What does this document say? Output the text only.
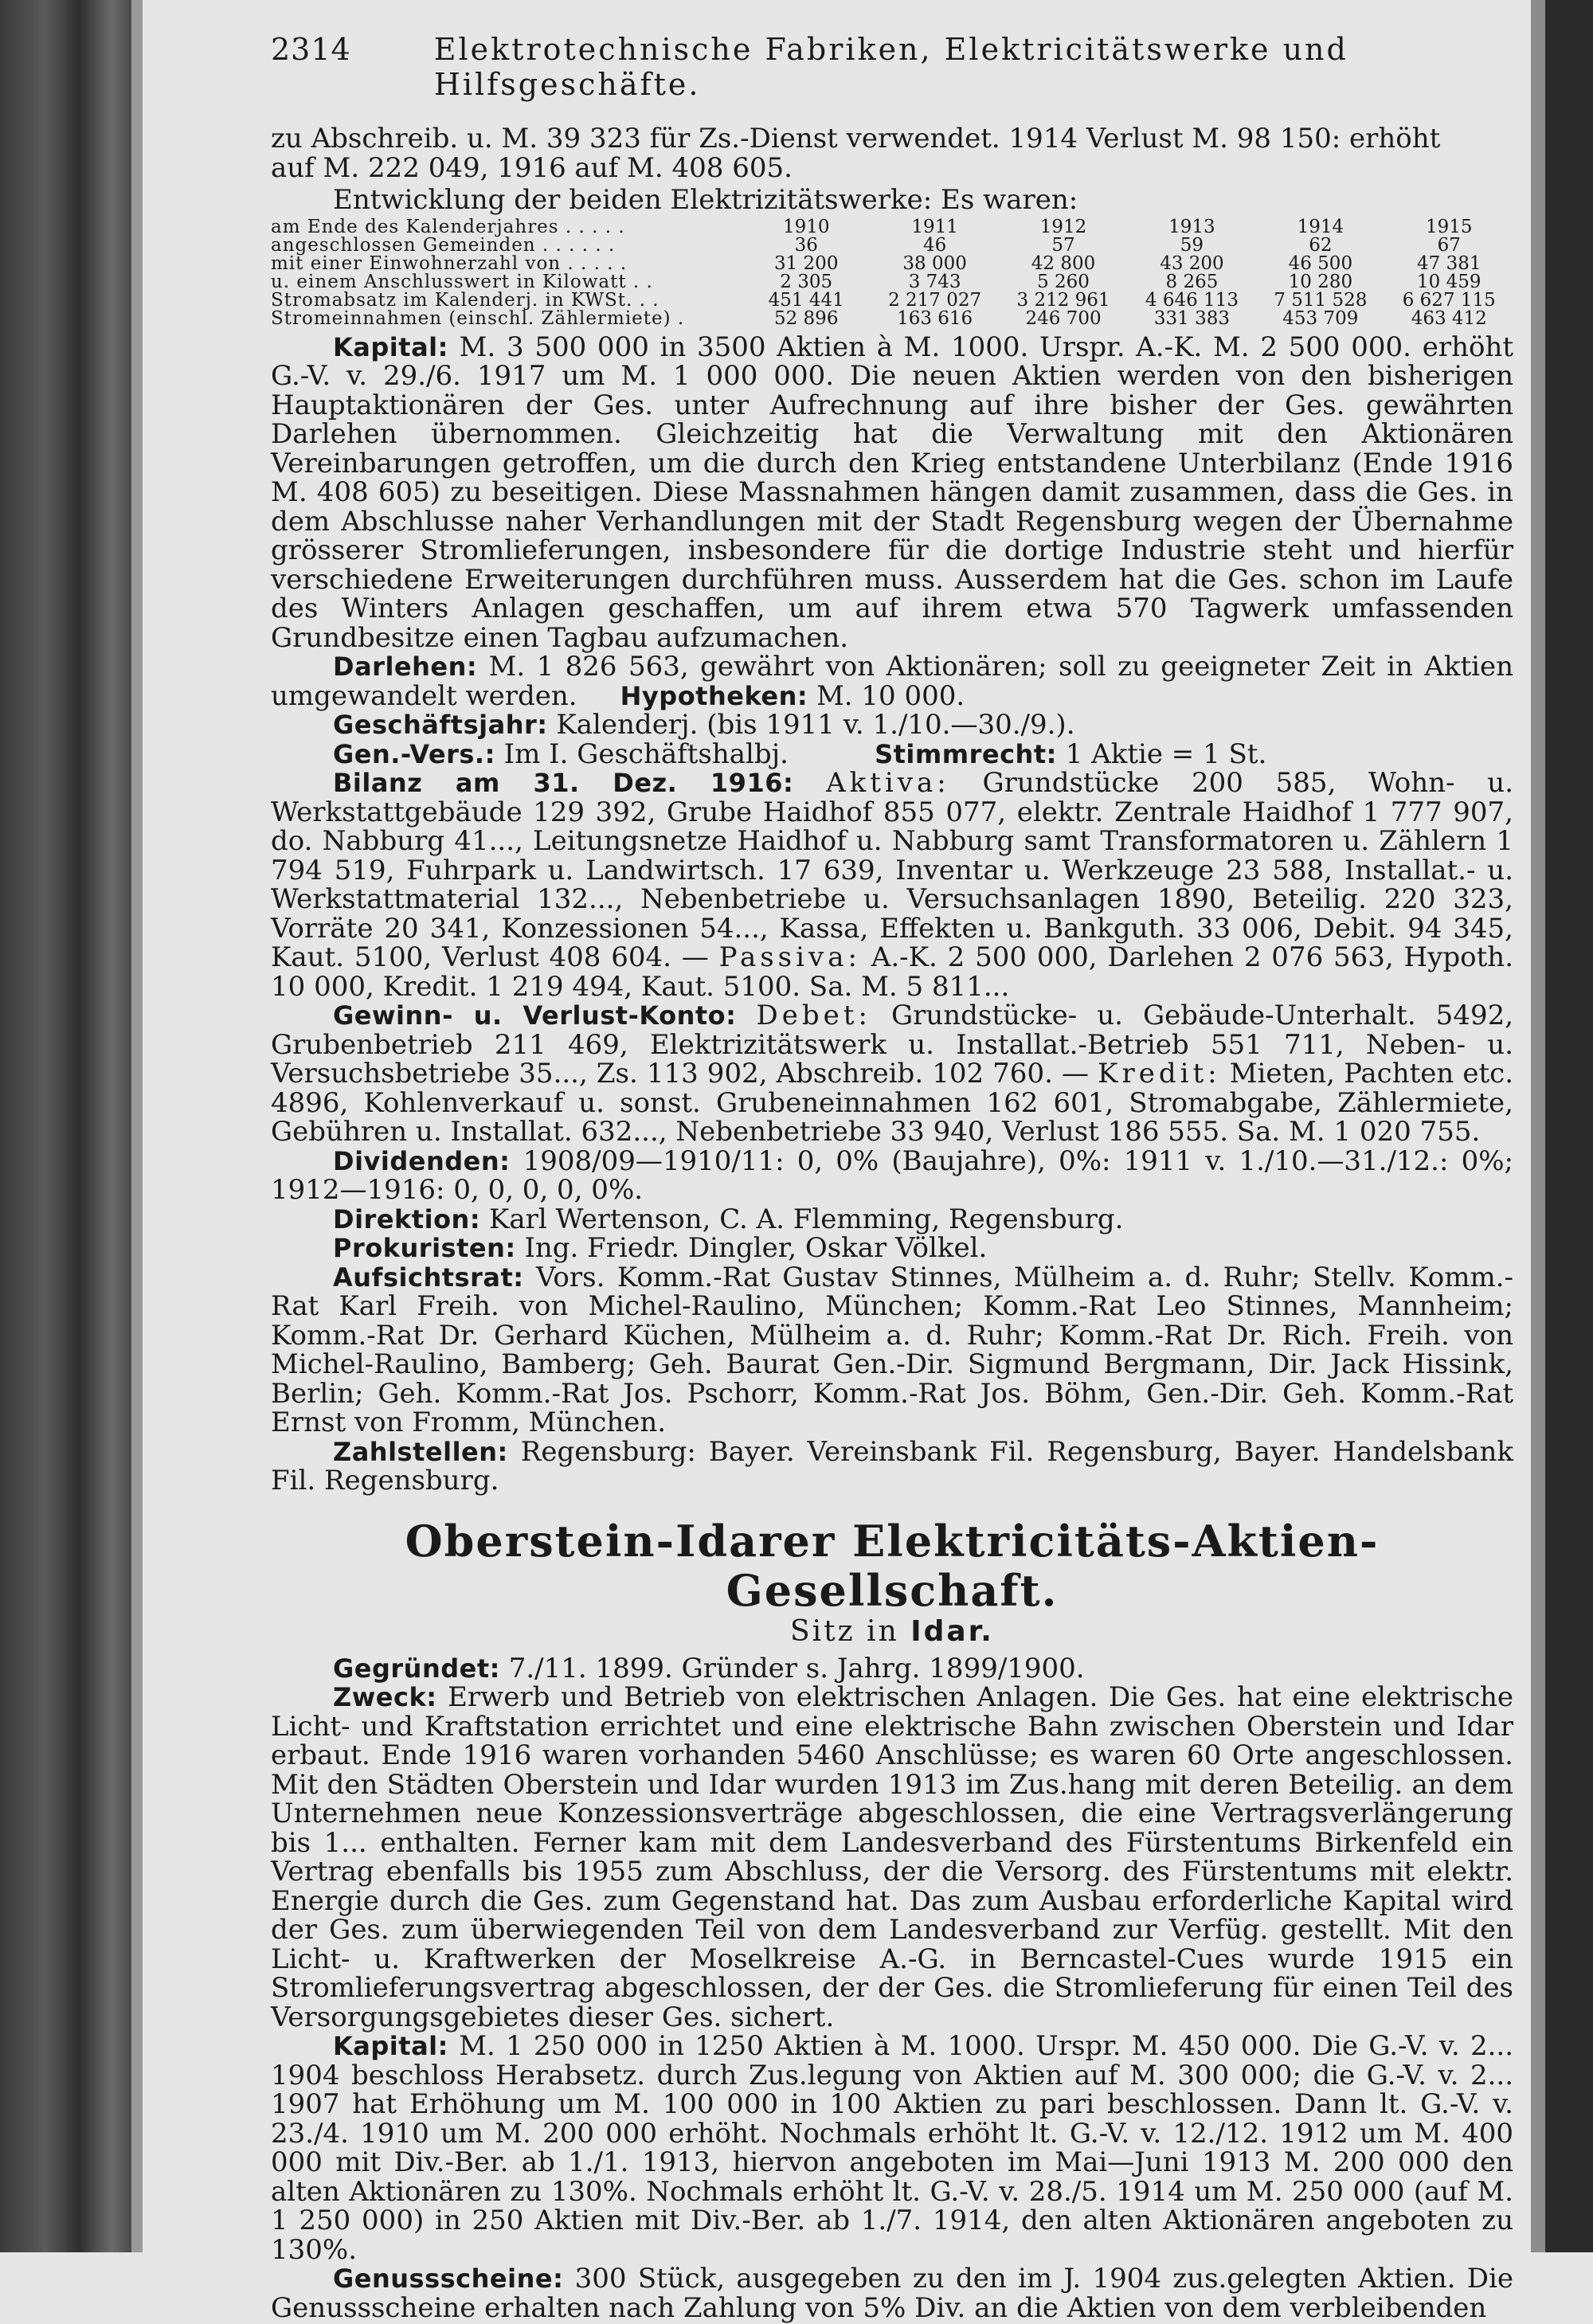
2314	Elektrotechnische Fabriken, Elektricitätswerke und Hilfsgeschäfte.

zu Abschreib. u. M. 39 323 für Zs.-Dienst verwendet. 1914 Verlust M. 98 150: erhöht

auf M. 222 049, 1916 auf M. 408 605.

Entwicklung der beiden Elektrizitätswerke: Es waren:

am Ende des Kalenderjahres . . . . .	1910	1911	1912	1913	1914	1915
angeschlossen Gemeinden . . . . . .	36	46	57	59	62	67
mit einer Einwohnerzahl von . . . . .	31 200	38 000	42 800	43 200	46 500	47 381
u. einem Anschlusswert in Kilowatt . .	2 305	3 743	5 260	8 265	10 280	10 459
Stromabsatz im Kalenderj. in KWSt. . .	451 441	2 217 027	3 212 961	4 646 113	7 511 528	6 627 115
Stromeinnahmen (einschl. Zählermiete) .	52 896	163 616	246 700	331 383	453 709	463 412

Kapital: M. 3 500 000 in 3500 Aktien à M. 1000. Urspr. A.-K. M. 2 500 000. erhöht G.-V. v. 29./6. 1917 um M. 1 000 000. Die neuen Aktien werden von den bisherigen Hauptaktionären der Ges. unter Aufrechnung auf ihre bisher der Ges. gewährten Darlehen übernommen. Gleichzeitig hat die Verwaltung mit den Aktionären Vereinbarungen getroffen, um die durch den Krieg entstandene Unterbilanz (Ende 1916 M. 408 605) zu beseitigen. Diese Massnahmen hängen damit zusammen, dass die Ges. in dem Abschlusse naher Verhandlungen mit der Stadt Regensburg wegen der Übernahme grösserer Stromlieferungen, insbesondere für die dortige Industrie steht und hierfür verschiedene Erweiterungen durchführen muss. Ausserdem hat die Ges. schon im Laufe des Winters Anlagen geschaffen, um auf ihrem etwa 570 Tagwerk umfassenden Grundbesitze einen Tagbau aufzumachen.

Darlehen: M. 1 826 563, gewährt von Aktionären; soll zu geeigneter Zeit in Aktien umgewandelt werden. Hypotheken: M. 10 000.

Geschäftsjahr: Kalenderj. (bis 1911 v. 1./10.—30./9.).

Gen.-Vers.: Im I. Geschäftshalbj.	Stimmrecht: 1 Aktie = 1 St.

Bilanz am 31. Dez. 1916: Aktiva: Grundstücke 200 585, Wohn- u. Werkstattgebäude 129 392, Grube Haidhof 855 077, elektr. Zentrale Haidhof 1 777 907, do. Nabburg 41..., Leitungsnetze Haidhof u. Nabburg samt Transformatoren u. Zählern 1 794 519, Fuhrpark u. Landwirtsch. 17 639, Inventar u. Werkzeuge 23 588, Installat.- u. Werkstattmaterial 132..., Nebenbetriebe u. Versuchsanlagen 1890, Beteilig. 220 323, Vorräte 20 341, Konzessionen 54..., Kassa, Effekten u. Bankguth. 33 006, Debit. 94 345, Kaut. 5100, Verlust 408 604. — Passiva: A.-K. 2 500 000, Darlehen 2 076 563, Hypoth. 10 000, Kredit. 1 219 494, Kaut. 5100. Sa. M. 5 811...

Gewinn- u. Verlust-Konto: Debet: Grundstücke- u. Gebäude-Unterhalt. 5492, Grubenbetrieb 211 469, Elektrizitätswerk u. Installat.-Betrieb 551 711, Neben- u. Versuchsbetriebe 35..., Zs. 113 902, Abschreib. 102 760. — Kredit: Mieten, Pachten etc. 4896, Kohlenverkauf u. sonst. Grubeneinnahmen 162 601, Stromabgabe, Zählermiete, Gebühren u. Installat. 632..., Nebenbetriebe 33 940, Verlust 186 555. Sa. M. 1 020 755.

Dividenden: 1908/09—1910/11: 0, 0% (Baujahre), 0%: 1911 v. 1./10.—31./12.: 0%; 1912—1916: 0, 0, 0, 0, 0%.

Direktion: Karl Wertenson, C. A. Flemming, Regensburg.

Prokuristen: Ing. Friedr. Dingler, Oskar Völkel.

Aufsichtsrat: Vors. Komm.-Rat Gustav Stinnes, Mülheim a. d. Ruhr; Stellv. Komm.-Rat Karl Freih. von Michel-Raulino, München; Komm.-Rat Leo Stinnes, Mannheim; Komm.-Rat Dr. Gerhard Küchen, Mülheim a. d. Ruhr; Komm.-Rat Dr. Rich. Freih. von Michel-Raulino, Bamberg; Geh. Baurat Gen.-Dir. Sigmund Bergmann, Dir. Jack Hissink, Berlin; Geh. Komm.-Rat Jos. Pschorr, Komm.-Rat Jos. Böhm, Gen.-Dir. Geh. Komm.-Rat Ernst von Fromm, München.

Zahlstellen: Regensburg: Bayer. Vereinsbank Fil. Regensburg, Bayer. Handelsbank Fil. Regensburg.

Oberstein-Idarer Elektricitäts-Aktien-Gesellschaft.
Sitz in Idar.

Gegründet: 7./11. 1899. Gründer s. Jahrg. 1899/1900.

Zweck: Erwerb und Betrieb von elektrischen Anlagen. Die Ges. hat eine elektrische Licht- und Kraftstation errichtet und eine elektrische Bahn zwischen Oberstein und Idar erbaut. Ende 1916 waren vorhanden 5460 Anschlüsse; es waren 60 Orte angeschlossen. Mit den Städten Oberstein und Idar wurden 1913 im Zus.hang mit deren Beteilig. an dem Unternehmen neue Konzessionsverträge abgeschlossen, die eine Vertragsverlängerung bis 1... enthalten. Ferner kam mit dem Landesverband des Fürstentums Birkenfeld ein Vertrag ebenfalls bis 1955 zum Abschluss, der die Versorg. des Fürstentums mit elektr. Energie durch die Ges. zum Gegenstand hat. Das zum Ausbau erforderliche Kapital wird der Ges. zum überwiegenden Teil von dem Landesverband zur Verfüg. gestellt. Mit den Licht- u. Kraftwerken der Moselkreise A.-G. in Berncastel-Cues wurde 1915 ein Stromlieferungsvertrag abgeschlossen, der der Ges. die Stromlieferung für einen Teil des Versorgungsgebietes dieser Ges. sichert.

Kapital: M. 1 250 000 in 1250 Aktien à M. 1000. Urspr. M. 450 000. Die G.-V. v. 2... 1904 beschloss Herabsetz. durch Zus.legung von Aktien auf M. 300 000; die G.-V. v. 2... 1907 hat Erhöhung um M. 100 000 in 100 Aktien zu pari beschlossen. Dann lt. G.-V. v. 23./4. 1910 um M. 200 000 erhöht. Nochmals erhöht lt. G.-V. v. 12./12. 1912 um M. 400 000 mit Div.-Ber. ab 1./1. 1913, hiervon angeboten im Mai—Juni 1913 M. 200 000 den alten Aktionären zu 130%. Nochmals erhöht lt. G.-V. v. 28./5. 1914 um M. 250 000 (auf M. 1 250 000) in 250 Aktien mit Div.-Ber. ab 1./7. 1914, den alten Aktionären angeboten zu 130%.

Genussscheine: 300 Stück, ausgegeben zu den im J. 1904 zus.gelegten Aktien. Die Genussscheine erhalten nach Zahlung von 5% Div. an die Aktien von dem verbleibenden
